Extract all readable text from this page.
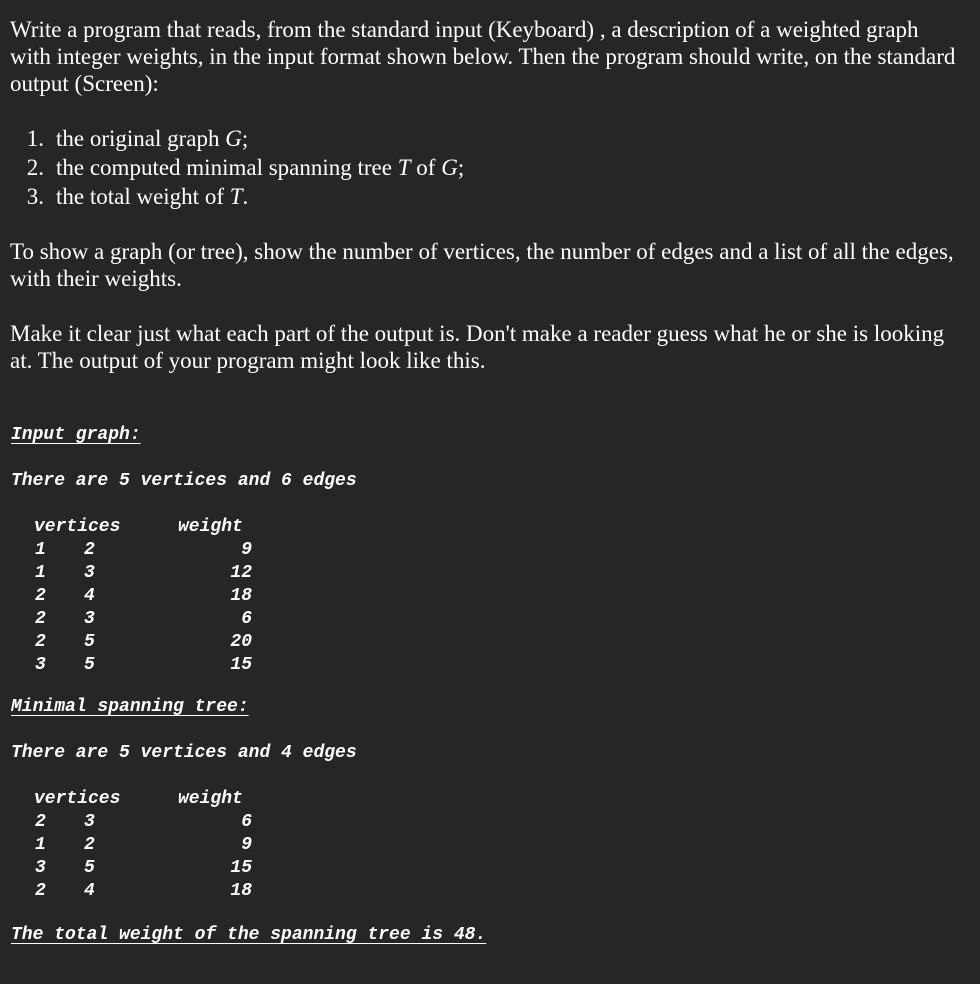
Write a program that reads, from the standard input (Keyboard) , a description of a weighted graph with integer weights, in the input format shown below. Then the program should write, on the standard output (Screen):
1. the original graph G;
2. the computed minimal spanning tree T of G;
3. the total weight of T.
To show a graph (or tree), show the number of vertices, the number of edges and a list of all the edges, with their weights.
Make it clear just what each part of the output is. Don't make a reader guess what he or she is looking at. The output of your program might look like this.
Input graph:
There are 5 vertices and 6 edges
vertices	weight
1 2	9
1 3	12
2 4	18
2 3	6
2 5	20
3 5	15
Minimal spanning tree:
There are 5 vertices and 4 edges
vertices	weight
2 3	6
1 2	9
3 5	15
2 4	18
The total weight of the spanning tree is 48.
